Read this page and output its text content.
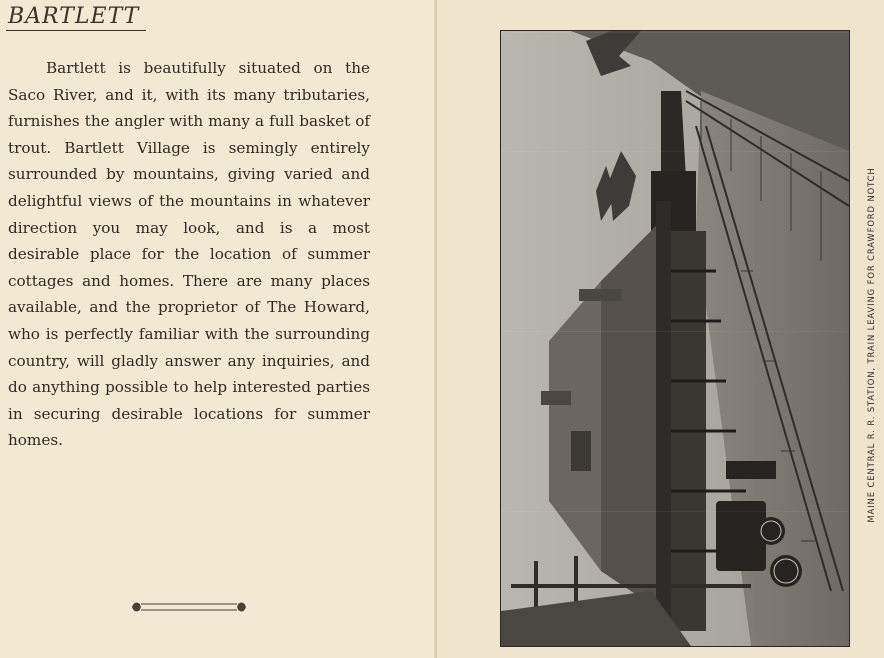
BARTLETT

Bartlett is beautifully situated on the Saco River, and it, with its many tributaries, furnishes the angler with many a full basket of trout. Bartlett Village is semingly entirely surrounded by mountains, giving varied and delightful views of the mountains in whatever direction you may look, and is a most desirable place for the location of summer cottages and homes. There are many places available, and the proprietor of The Howard, who is perfectly familiar with the surrounding country, will gladly answer any inquiries, and do anything possible to help interested parties in securing desirable locations for summer homes.	MAINE CENTRAL R. R. STATION, TRAIN LEAVING FOR CRAWFORD NOTCH
